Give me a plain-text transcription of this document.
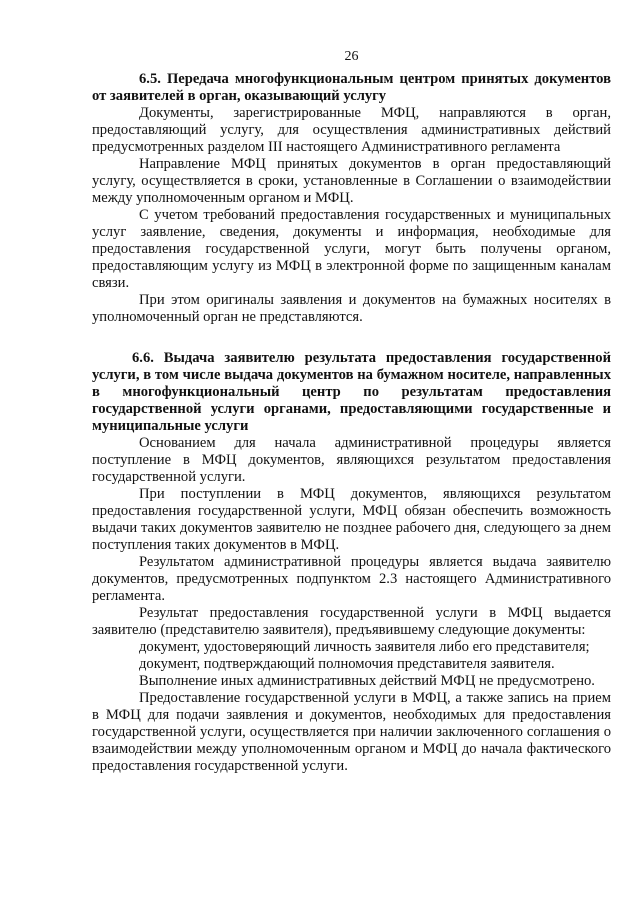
26

6.5. Передача многофункциональным центром принятых документов от заявителей в орган, оказывающий услугу

Документы, зарегистрированные МФЦ, направляются в орган, предоставляющий услугу, для осуществления административных действий предусмотренных разделом III настоящего Административного регламента

Направление МФЦ принятых документов в орган предоставляющий услугу, осуществляется в сроки, установленные в Соглашении о взаимодействии между уполномоченным органом и МФЦ.

С учетом требований предоставления государственных и муниципальных услуг заявление, сведения, документы и информация, необходимые для предоставления государственной услуги, могут быть получены органом, предоставляющим услугу из МФЦ в электронной форме по защищенным каналам связи.

При этом оригиналы заявления и документов на бумажных носителях в уполномоченный орган не представляются.

6.6. Выдача заявителю результата предоставления государственной услуги, в том числе выдача документов на бумажном носителе, направленных в многофункциональный центр по результатам предоставления государственной услуги органами, предоставляющими государственные и муниципальные услуги

Основанием для начала административной процедуры является поступление в МФЦ документов, являющихся результатом предоставления государственной услуги.

При поступлении в МФЦ документов, являющихся результатом предоставления государственной услуги, МФЦ обязан обеспечить возможность выдачи таких документов заявителю не позднее рабочего дня, следующего за днем поступления таких документов в МФЦ.

Результатом административной процедуры является выдача заявителю документов, предусмотренных подпунктом 2.3 настоящего Административного регламента.

Результат предоставления государственной услуги в МФЦ выдается заявителю (представителю заявителя), предъявившему следующие документы:

документ, удостоверяющий личность заявителя либо его представителя;

документ, подтверждающий полномочия представителя заявителя.

Выполнение иных административных действий МФЦ не предусмотрено.

Предоставление государственной услуги в МФЦ, а также запись на прием в МФЦ для подачи заявления и документов, необходимых для предоставления государственной услуги, осуществляется при наличии заключенного соглашения о взаимодействии между уполномоченным органом и МФЦ до начала фактического предоставления государственной услуги.
